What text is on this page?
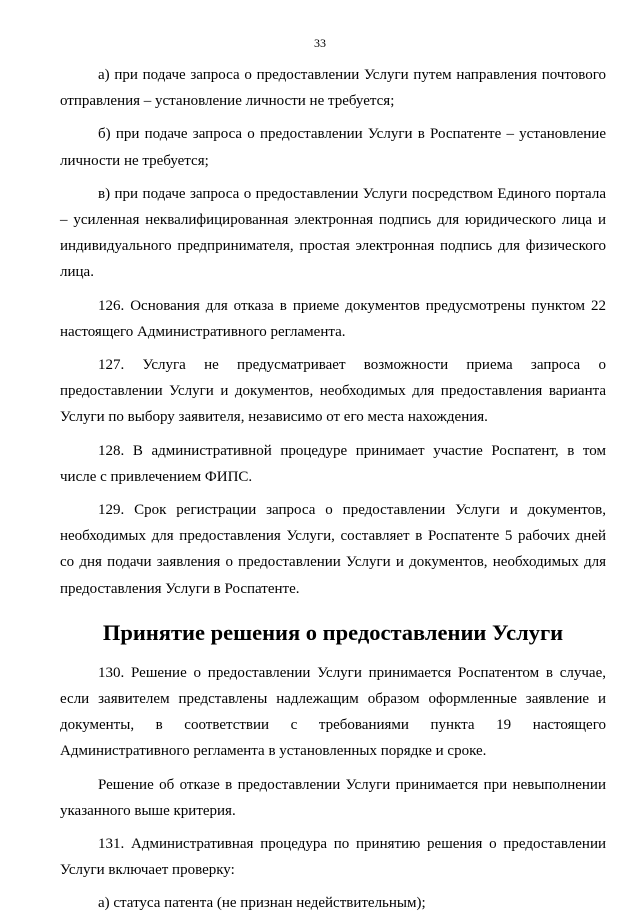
33

а) при подаче запроса о предоставлении Услуги путем направления почтового отправления – установление личности не требуется;

б) при подаче запроса о предоставлении Услуги в Роспатенте – установление личности не требуется;

в) при подаче запроса о предоставлении Услуги посредством Единого портала – усиленная неквалифицированная электронная подпись для юридического лица и индивидуального предпринимателя, простая электронная подпись для физического лица.

126. Основания для отказа в приеме документов предусмотрены пунктом 22 настоящего Административного регламента.

127. Услуга не предусматривает возможности приема запроса о предоставлении Услуги и документов, необходимых для предоставления варианта Услуги по выбору заявителя, независимо от его места нахождения.

128. В административной процедуре принимает участие Роспатент, в том числе с привлечением ФИПС.

129. Срок регистрации запроса о предоставлении Услуги и документов, необходимых для предоставления Услуги, составляет в Роспатенте 5 рабочих дней со дня подачи заявления о предоставлении Услуги и документов, необходимых для предоставления Услуги в Роспатенте.

Принятие решения о предоставлении Услуги

130. Решение о предоставлении Услуги принимается Роспатентом в случае, если заявителем представлены надлежащим образом оформленные заявление и документы, в соответствии с требованиями пункта 19 настоящего Административного регламента в установленных порядке и сроке.

Решение об отказе в предоставлении Услуги принимается при невыполнении указанного выше критерия.

131. Административная процедура по принятию решения о предоставлении Услуги включает проверку:

а) статуса патента (не признан недействительным);
